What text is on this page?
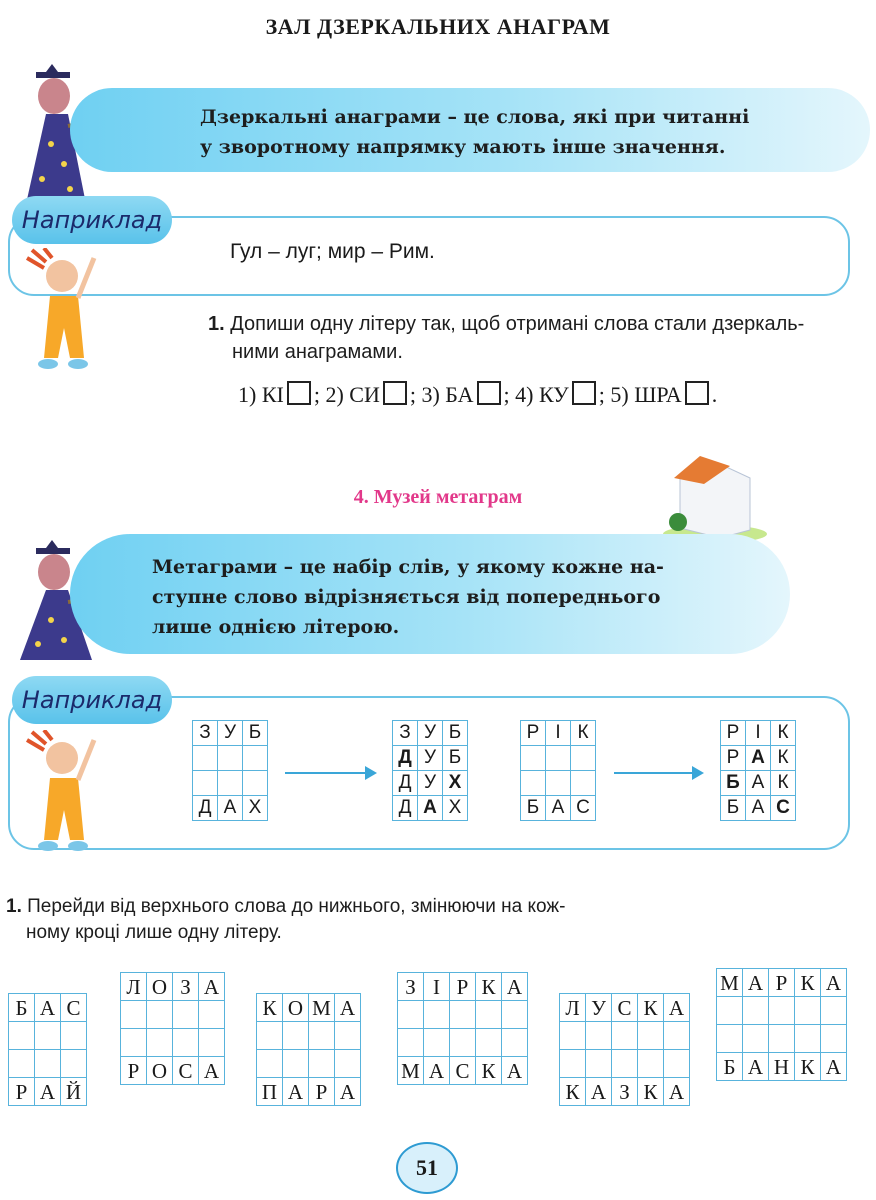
ЗАЛ ДЗЕРКАЛЬНИХ АНАГРАМ
Дзеркальні анаграми – це слова, які при читанні
у зворотному напрямку мають інше значення.
Наприклад
Гул – луг; мир – Рим.
1. Допиши одну літеру так, щоб отримані слова стали дзеркаль-
ними анаграмами.
1) КІ ; 2) СИ ; 3) БА ; 4) КУ ; 5) ШРА .
4. Музей метаграм
Метаграми – це набір слів, у якому кожне на-
ступне слово відрізняється від попереднього
лише однією літерою.
Наприклад
З	У	Б

Д	А	Х
З	У	Б
Д	У	Б
Д	У	Х
Д	А	Х
Р	І	К

Б	А	С
Р	І	К
Р	А	К
Б	А	К
Б	А	С
1. Перейди від верхнього слова до нижнього, змінюючи на кож-
ному кроці лише одну літеру.
Б	А	С

Р	А	Й
Л	О	З	А

Р	О	С	А
К	О	М	А

П	А	Р	А
З	І	Р	К	А

М	А	С	К	А
Л	У	С	К	А

К	А	З	К	А
М	А	Р	К	А

Б	А	Н	К	А
51
